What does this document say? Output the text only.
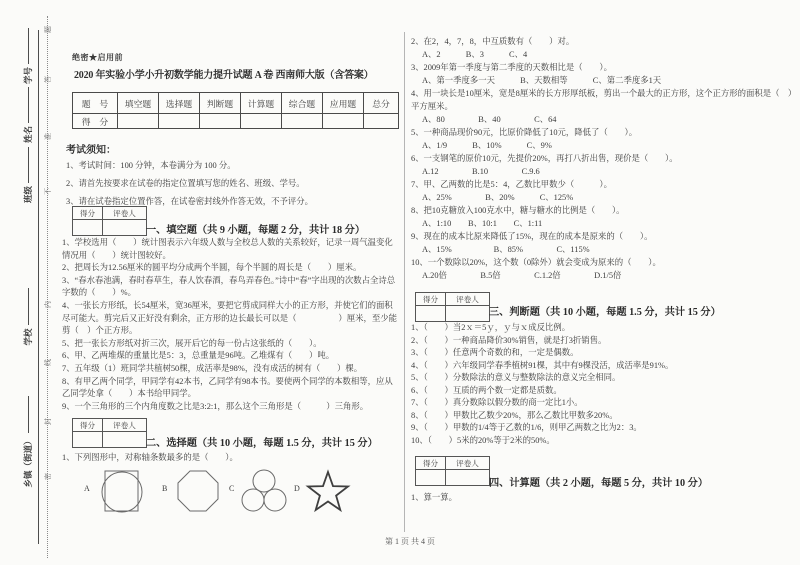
学号
姓名
班级
学校
乡镇（街道）
题
答
准
不
内
线
封
密
绝密★启用前
2020 年实验小学小升初数学能力提升试题 A 卷 西南师大版（含答案）
题　号	填空题	选择题	判断题	计算题	综合题	应用题	总分
得　分							
考试须知：
1、考试时间：100 分钟，本卷满分为 100 分。
2、请首先按要求在试卷的指定位置填写您的姓名、班级、学号。
3、请在试卷指定位置作答，在试卷密封线外作答无效，不予评分。
得分	评卷人

一、填空题（共 9 小题，每题 2 分，共计 18 分）
1、学校选用（　　）统计图表示六年级人数与全校总人数的关系较好，记录一周气温变化情况用（　　）统计图较好。
2、把周长为12.56厘米的圆平均分成两个半圆，每个半圆的周长是（　　）厘米。
3、“春水春池满，春时春草生，春人饮春酒，春鸟弄春色。”诗中“春”字出现的次数占全诗总字数的（　　）%。
4、一张长方形纸，长54厘米，宽36厘米，要把它剪成同样大小的正方形，并使它们的面积尽可能大。剪完后又正好没有剩余，正方形的边长最长可以是（　　　　　）厘米，至少能剪（　）个正方形。
5、把一张长方形纸对折三次，展开后它的每一份占这张纸的（　　）。
6、甲、乙两堆煤的重量比是5：3，总重量是96吨。乙堆煤有（　　）吨。
7、五年级（1）班同学共植树50棵，成活率是98%，没有成活的树有（　　）棵。
8、有甲乙两个同学，甲同学有42本书，乙同学有98本书。要使两个同学的本数相等，应从乙同学处拿（　　）本书给甲同学。
9、一个三角形的三个内角度数之比是3:2:1，那么这个三角形是（　　　）三角形。
得分	评卷人

二、选择题（共 10 小题，每题 1.5 分，共计 15 分）
1、下列图形中，对称轴条数最多的是（　　）。
A	B	C	D
2、在2，4，7，8，中互质数有（　　）对。
A、2　　　B、3　　　C、4
3、2009年第一季度与第二季度的天数相比是（　　）。
A、第一季度多一天　　　B、天数相等　　　C、第二季度多1天
4、用一块长是10厘米，宽是8厘米的长方形厚纸板，剪出一个最大的正方形，这个正方形的面积是（　）平方厘米。
A、80　　　　B、40　　　　C、64
5、一种商品现价90元，比原价降低了10元，降低了（　　）。
A、1/9　　　B、10%　　　C、9%
6、一支钢笔的原价10元，先提价20%，再打八折出售，现价是（　　）。
A.12　　　　B.10　　　　C.9.6
7、甲、乙两数的比是5：4，乙数比甲数少（　　　）。
A、25%　　　　B、20%　　　C、125%
8、把10克糖放入100克水中，糖与糖水的比例是（　　）。
A、1:10　　B、10:1　　C、1:11
9、现在的成本比原来降低了15%，现在的成本是原来的（　　）。
A、15%　　　　　B、85%　　　　C、115%
10、一个数除以20%，这个数（0除外）就会变成为原来的（　　）。
A.20倍　　　　B.5倍　　　　C.1.2倍　　　　D.1/5倍
得分	评卷人

三、判断题（共 10 小题，每题 1.5 分，共计 15 分）
1、（　　）当2ｘ＝5ｙ，ｙ与ｘ成反比例。
2、（　　）一种商品降价30%销售，就是打3折销售。
3、（　　）任意两个奇数的和，一定是偶数。
4、（　　）六年级同学春季植树91棵，其中有9棵没活，成活率是91%。
5、（　　）分数除法的意义与整数除法的意义完全相同。
6、（　　）互质的两个数一定都是质数。
7、（　　）真分数除以假分数的商一定比1小。
8、（　　）甲数比乙数少20%，那么乙数比甲数多20%。
9、（　　）甲数的1/4等于乙数的1/6，则甲乙两数之比为2：3。
10、（　　）5米的20%等于2米的50%。
得分	评卷人

四、计算题（共 2 小题，每题 5 分，共计 10 分）
1、算一算。
第 1 页 共 4 页
